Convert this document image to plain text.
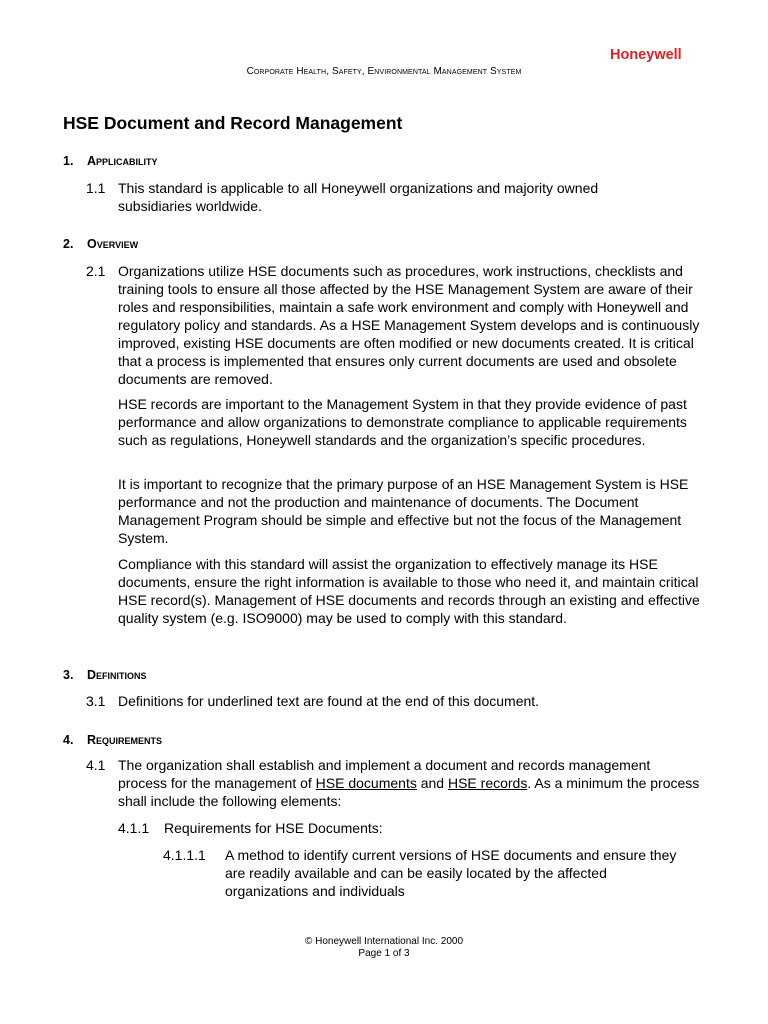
Honeywell
Corporate Health, Safety, Environmental Management System
HSE Document and Record Management
1. Applicability
1.1 This standard is applicable to all Honeywell organizations and majority owned subsidiaries worldwide.
2. Overview
2.1 Organizations utilize HSE documents such as procedures, work instructions, checklists and training tools to ensure all those affected by the HSE Management System are aware of their roles and responsibilities, maintain a safe work environment and comply with Honeywell and regulatory policy and standards. As a HSE Management System develops and is continuously improved, existing HSE documents are often modified or new documents created. It is critical that a process is implemented that ensures only current documents are used and obsolete documents are removed.
HSE records are important to the Management System in that they provide evidence of past performance and allow organizations to demonstrate compliance to applicable requirements such as regulations, Honeywell standards and the organization’s specific procedures.
It is important to recognize that the primary purpose of an HSE Management System is HSE performance and not the production and maintenance of documents. The Document Management Program should be simple and effective but not the focus of the Management System.
Compliance with this standard will assist the organization to effectively manage its HSE documents, ensure the right information is available to those who need it, and maintain critical HSE record(s). Management of HSE documents and records through an existing and effective quality system (e.g. ISO9000) may be used to comply with this standard.
3. Definitions
3.1 Definitions for underlined text are found at the end of this document.
4. Requirements
4.1 The organization shall establish and implement a document and records management process for the management of HSE documents and HSE records. As a minimum the process shall include the following elements:
4.1.1	Requirements for HSE Documents:
4.1.1.1	A method to identify current versions of HSE documents and ensure they are readily available and can be easily located by the affected organizations and individuals
© Honeywell International Inc. 2000
Page 1 of 3
